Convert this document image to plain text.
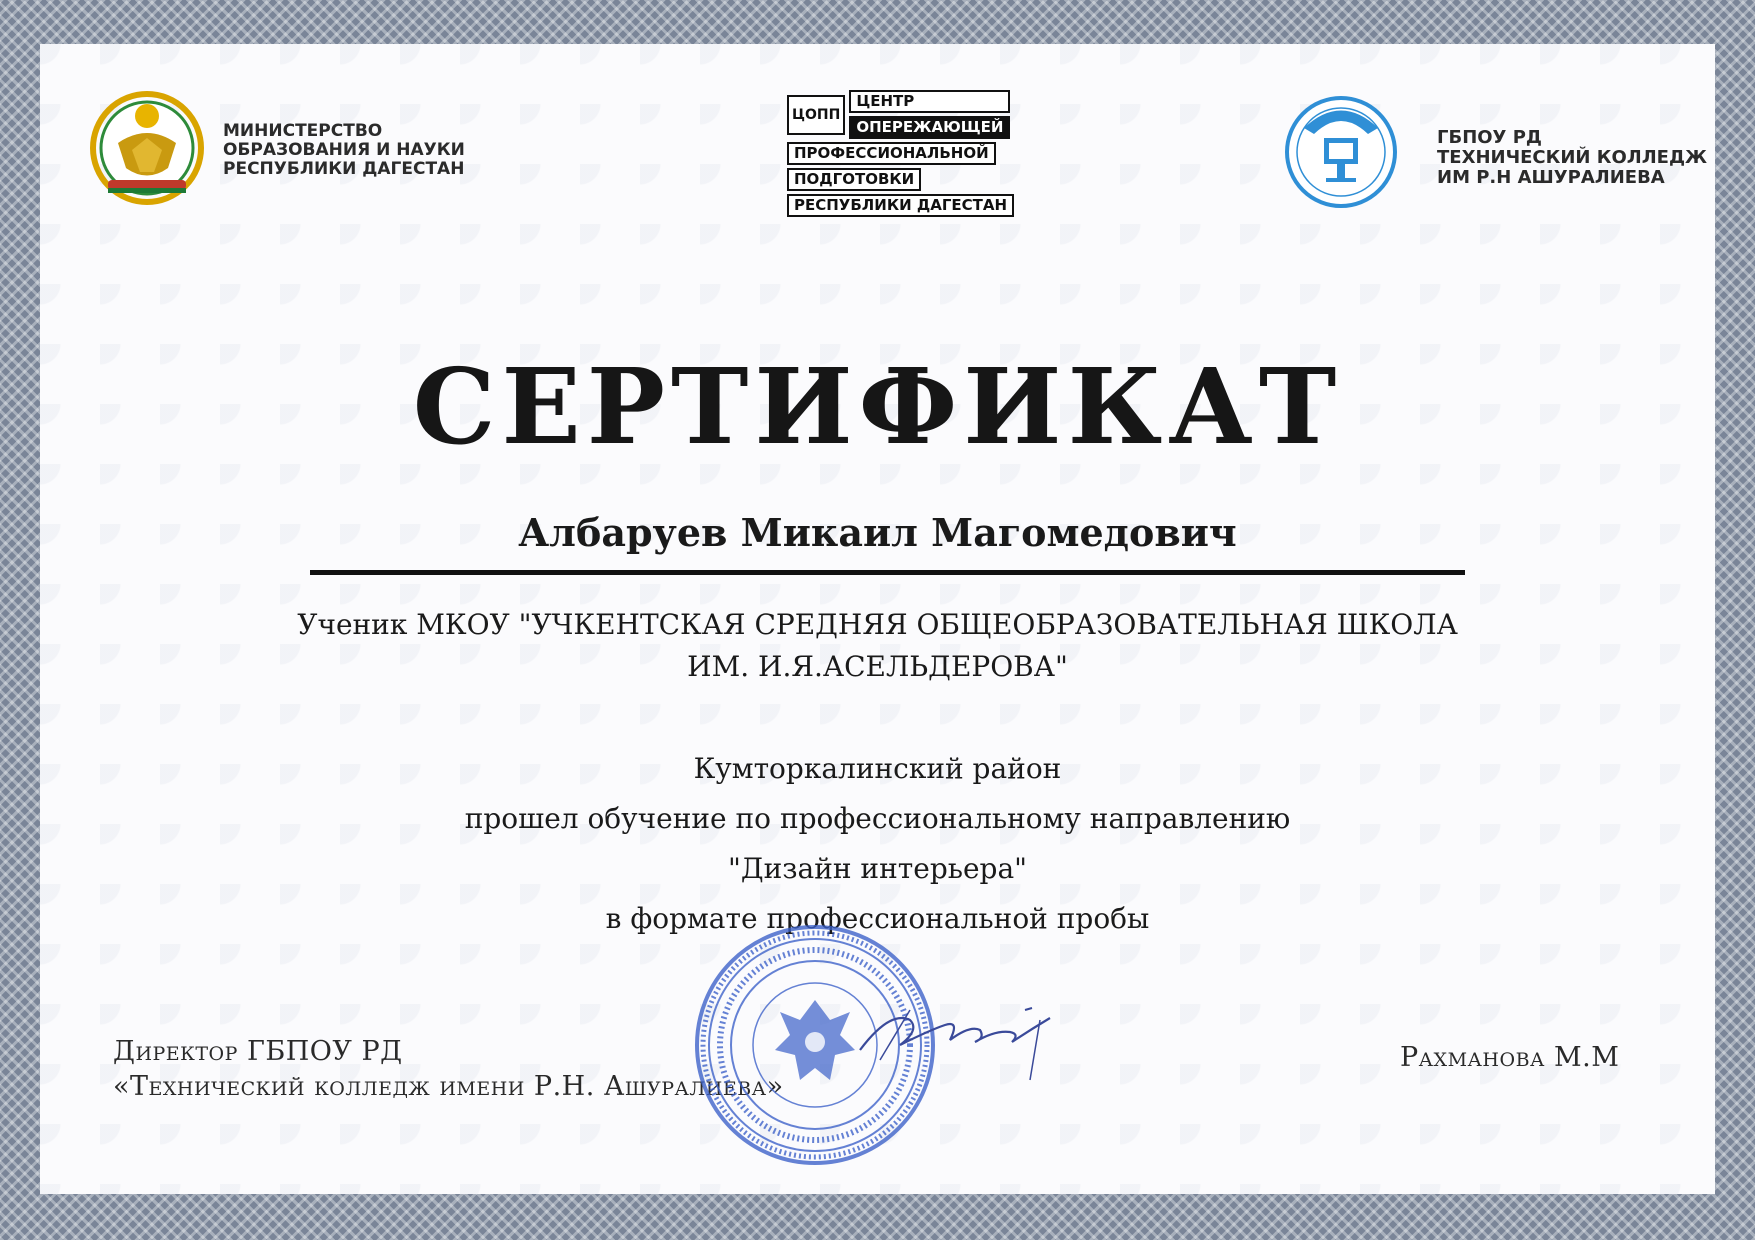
МИНИСТЕРСТВО
ОБРАЗОВАНИЯ И НАУКИ
РЕСПУБЛИКИ ДАГЕСТАН
ЦОПП
ЦЕНТР
ОПЕРЕЖАЮЩЕЙ
ПРОФЕССИОНАЛЬНОЙ
ПОДГОТОВКИ
РЕСПУБЛИКИ ДАГЕСТАН
ГБПОУ РД
ТЕХНИЧЕСКИЙ КОЛЛЕДЖ
ИМ Р.Н АШУРАЛИЕВА
СЕРТИФИКАТ
Албаруев Микаил Магомедович
Ученик МКОУ "УЧКЕНТСКАЯ СРЕДНЯЯ ОБЩЕОБРАЗОВАТЕЛЬНАЯ ШКОЛА
ИМ. И.Я.АСЕЛЬДЕРОВА"
Кумторкалинский район
прошел обучение по профессиональному направлению
"Дизайн интерьера"
в формате профессиональной пробы
Директор ГБПОУ РД
«Технический колледж имени Р.Н. Ашуралиева»
Рахманова М.М
